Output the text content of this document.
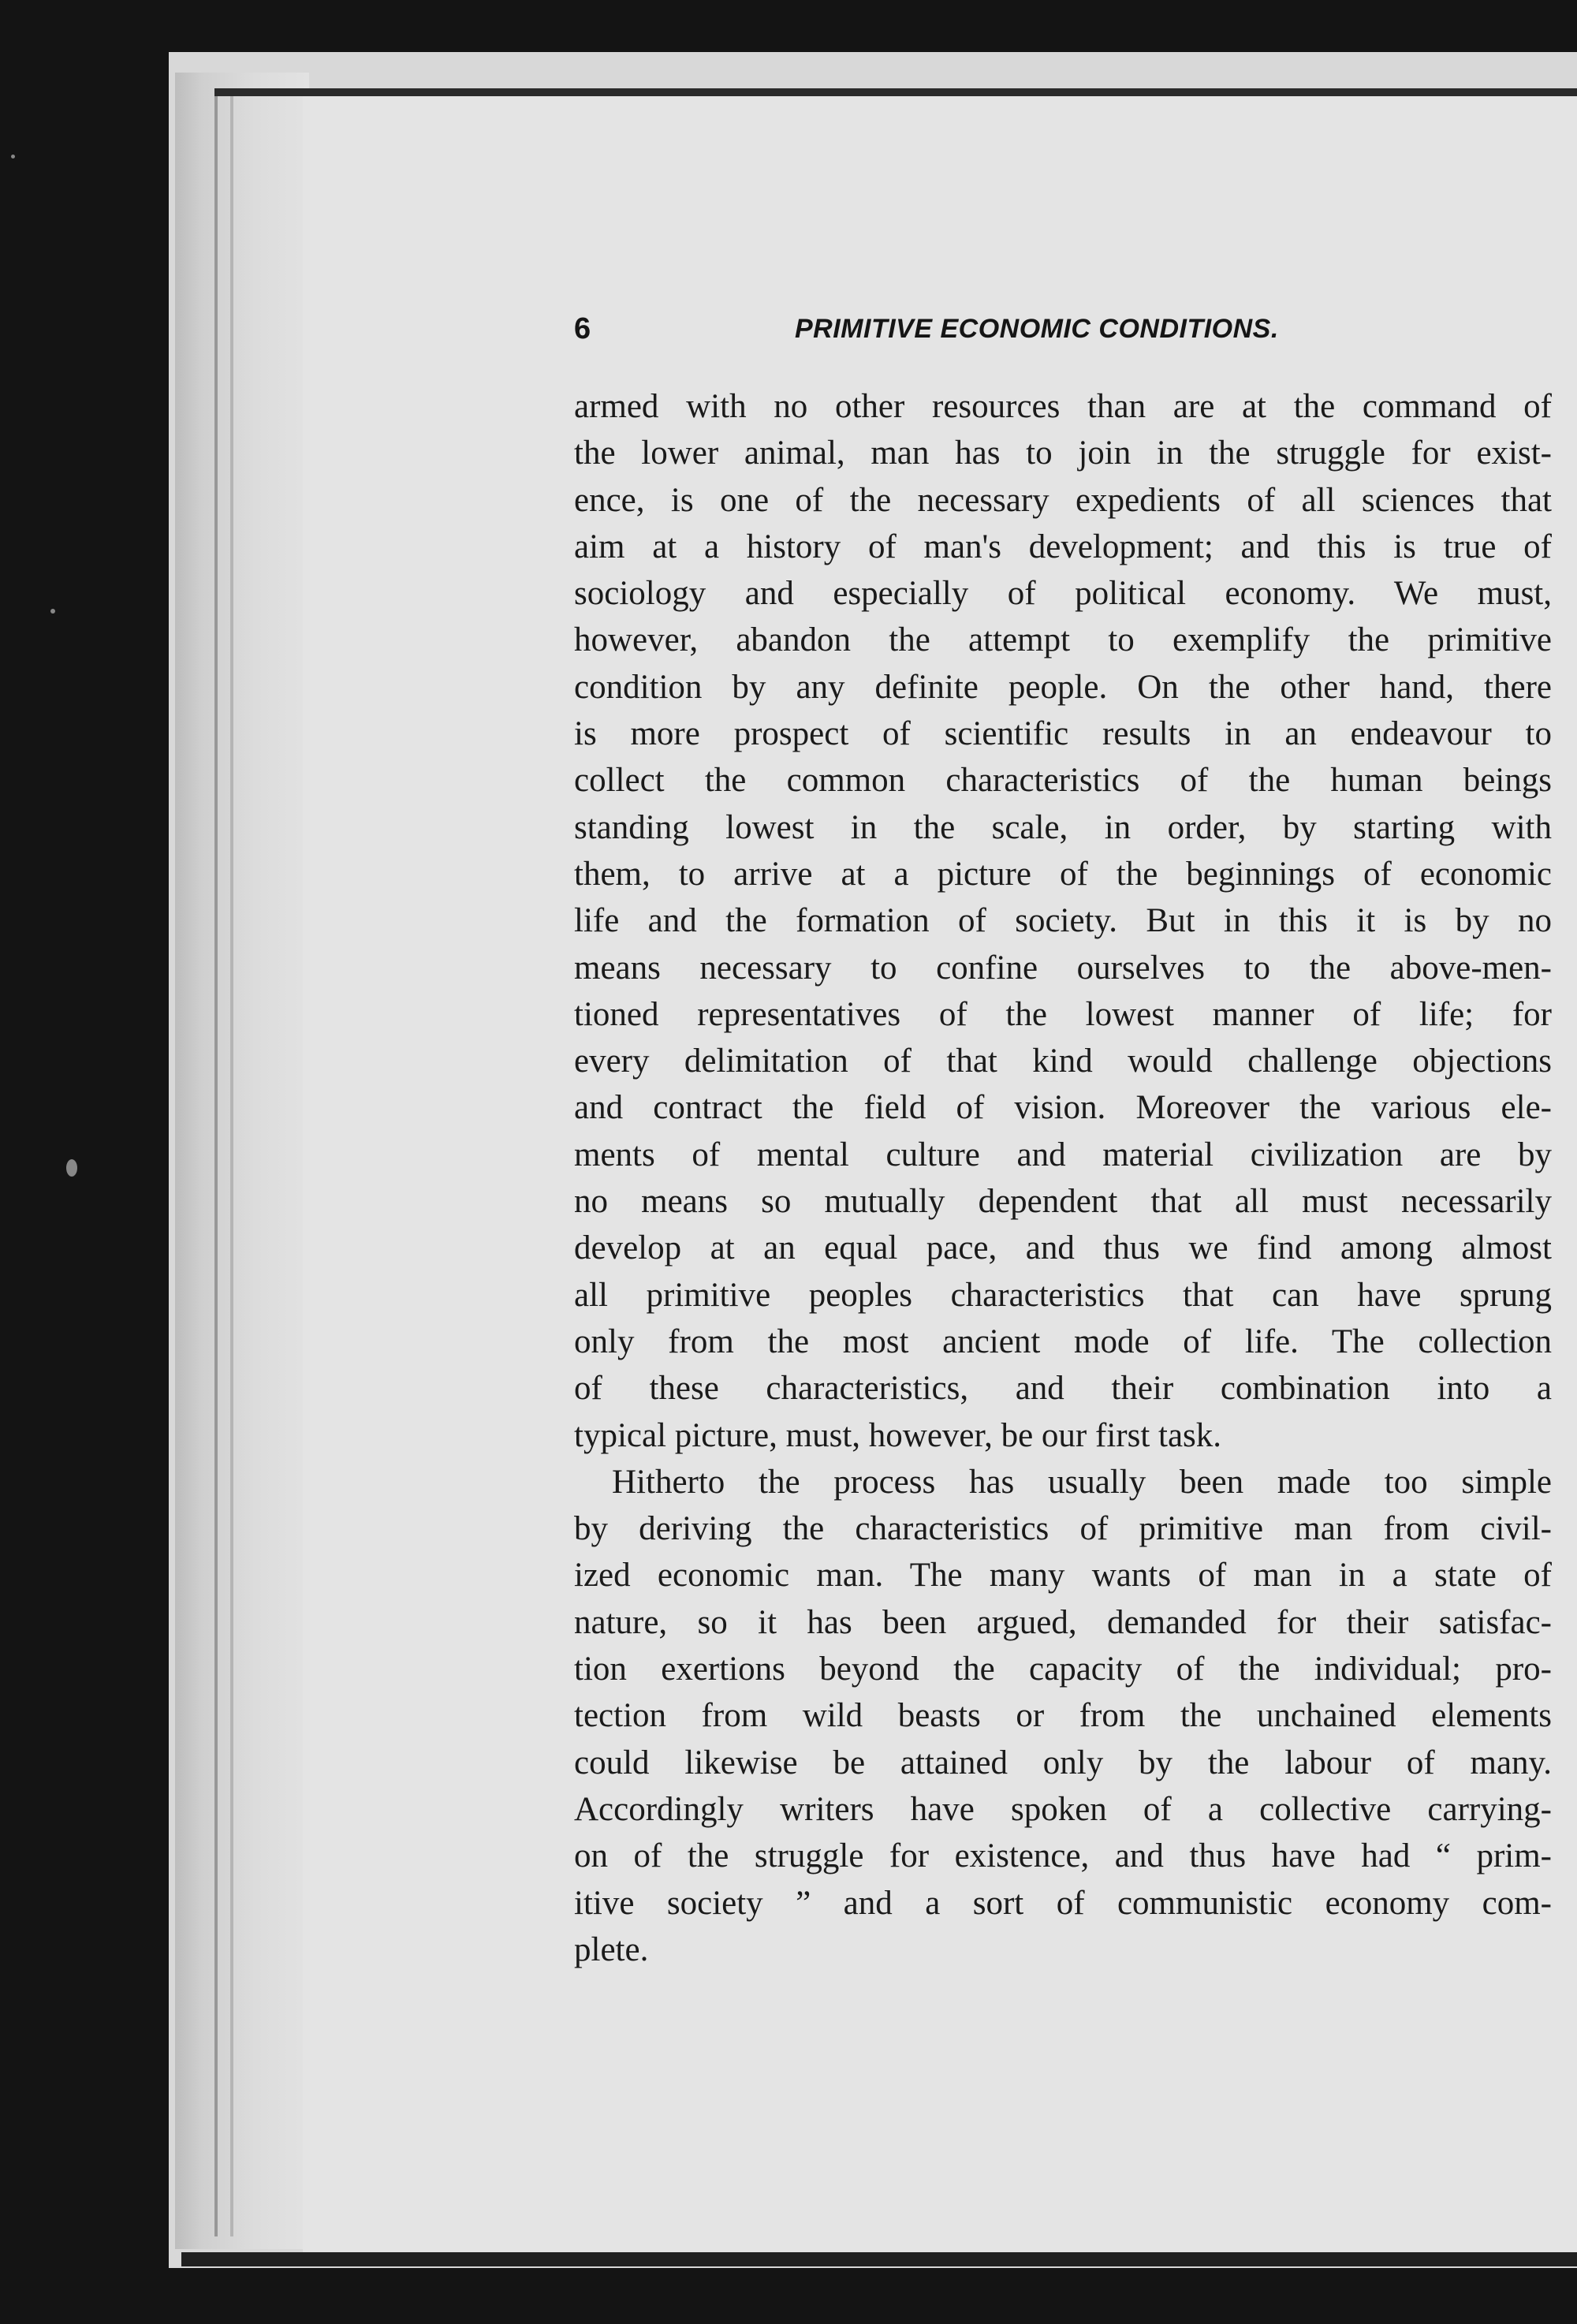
6	PRIMITIVE ECONOMIC CONDITIONS.
armed with no other resources than are at the command of
the lower animal, man has to join in the struggle for exist-
ence, is one of the necessary expedients of all sciences that
aim at a history of man's development; and this is true of
sociology and especially of political economy. We must,
however, abandon the attempt to exemplify the primitive
condition by any definite people. On the other hand, there
is more prospect of scientific results in an endeavour to
collect the common characteristics of the human beings
standing lowest in the scale, in order, by starting with
them, to arrive at a picture of the beginnings of economic
life and the formation of society. But in this it is by no
means necessary to confine ourselves to the above-men-
tioned representatives of the lowest manner of life; for
every delimitation of that kind would challenge objections
and contract the field of vision. Moreover the various ele-
ments of mental culture and material civilization are by
no means so mutually dependent that all must necessarily
develop at an equal pace, and thus we find among almost
all primitive peoples characteristics that can have sprung
only from the most ancient mode of life. The collection
of these characteristics, and their combination into a
typical picture, must, however, be our first task.
Hitherto the process has usually been made too simple
by deriving the characteristics of primitive man from civil-
ized economic man. The many wants of man in a state of
nature, so it has been argued, demanded for their satisfac-
tion exertions beyond the capacity of the individual; pro-
tection from wild beasts or from the unchained elements
could likewise be attained only by the labour of many.
Accordingly writers have spoken of a collective carrying-
on of the struggle for existence, and thus have had “ prim-
itive society ” and a sort of communistic economy com-
plete.
